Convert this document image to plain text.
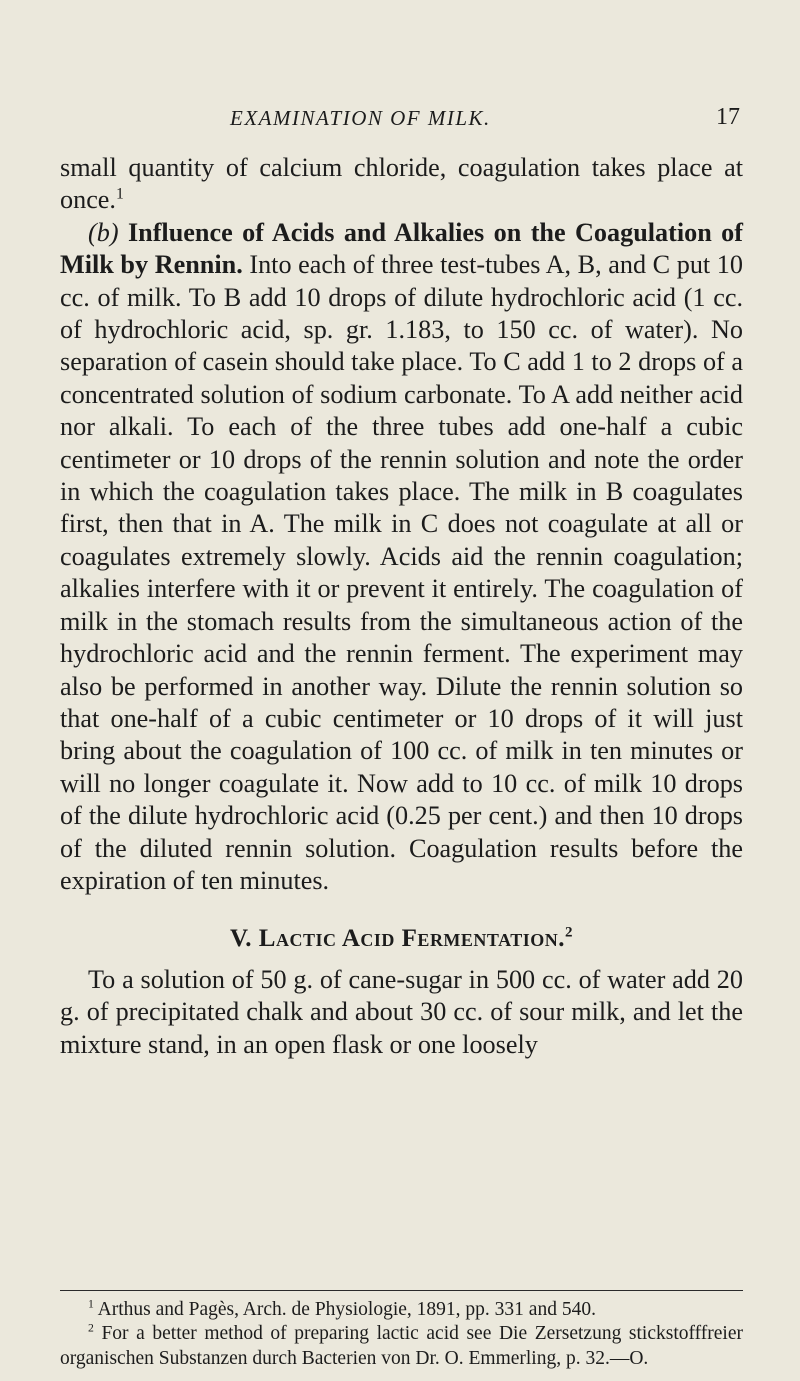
EXAMINATION OF MILK.	17

small quantity of calcium chloride, coagulation takes place at once.$^1$

(b) Influence of Acids and Alkalies on the Coagulation of Milk by Rennin. Into each of three test-tubes A, B, and C put 10 cc. of milk. To B add 10 drops of dilute hydrochloric acid (1 cc. of hydrochloric acid, sp. gr. 1.183, to 150 cc. of water). No separation of casein should take place. To C add 1 to 2 drops of a concentrated solution of sodium carbonate. To A add neither acid nor alkali. To each of the three tubes add one-half a cubic centimeter or 10 drops of the rennin solution and note the order in which the coagulation takes place. The milk in B coagulates first, then that in A. The milk in C does not coagulate at all or coagulates extremely slowly. Acids aid the rennin coagulation; alkalies interfere with it or prevent it entirely. The coagulation of milk in the stomach results from the simultaneous action of the hydrochloric acid and the rennin ferment. The experiment may also be performed in another way. Dilute the rennin solution so that one-half of a cubic centimeter or 10 drops of it will just bring about the coagulation of 100 cc. of milk in ten minutes or will no longer coagulate it. Now add to 10 cc. of milk 10 drops of the dilute hydrochloric acid (0.25 per cent.) and then 10 drops of the diluted rennin solution. Coagulation results before the expiration of ten minutes.

V. Lactic Acid Fermentation.$^2$

To a solution of 50 g. of cane-sugar in 500 cc. of water add 20 g. of precipitated chalk and about 30 cc. of sour milk, and let the mixture stand, in an open flask or one loosely

$^1$ Arthus and Pagès, Arch. de Physiologie, 1891, pp. 331 and 540.

$^2$ For a better method of preparing lactic acid see Die Zersetzung stickstofffreier organischen Substanzen durch Bacterien von Dr. O. Emmerling, p. 32.—O.
